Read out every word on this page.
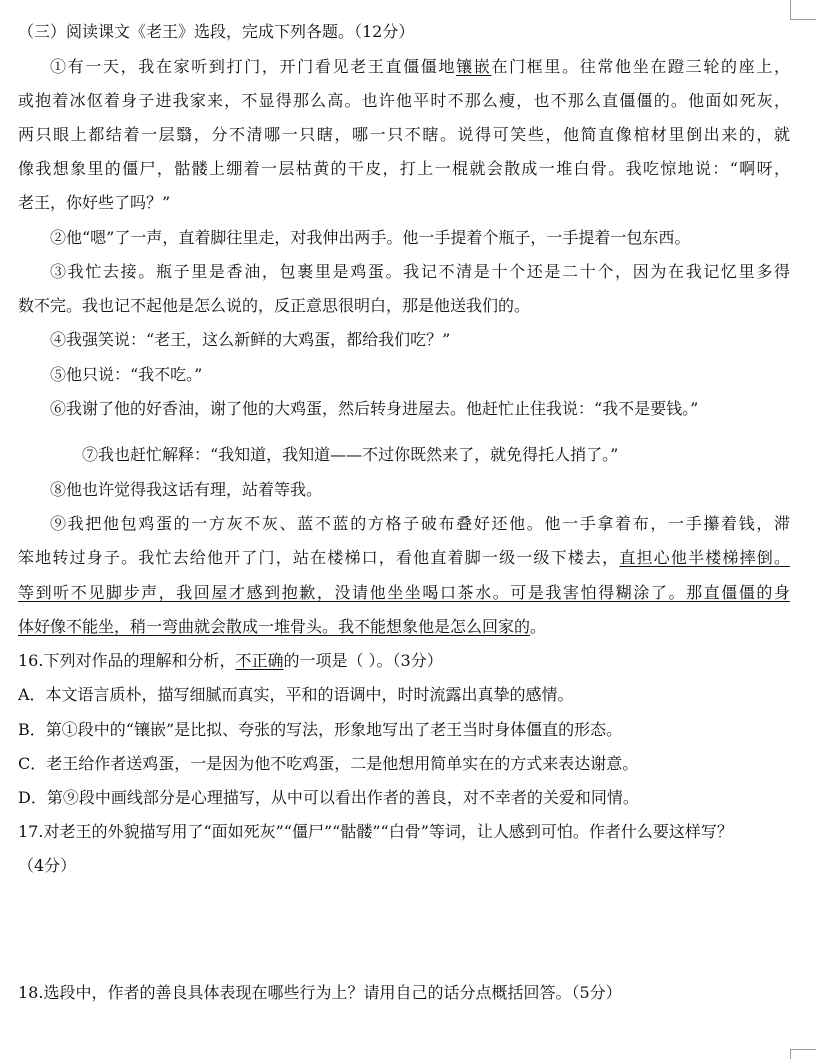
（三）阅读课文《老王》选段，完成下列各题。（12分）
①有一天，我在家听到打门，开门看见老王直僵僵地镶嵌在门框里。往常他坐在蹬三轮的座上，
或抱着冰伛着身子进我家来，不显得那么高。也许他平时不那么瘦，也不那么直僵僵的。他面如死灰，
两只眼上都结着一层翳，分不清哪一只瞎，哪一只不瞎。说得可笑些，他简直像棺材里倒出来的，就
像我想象里的僵尸，骷髅上绷着一层枯黄的干皮，打上一棍就会散成一堆白骨。我吃惊地说：“啊呀，
老王，你好些了吗？”
②他“嗯”了一声，直着脚往里走，对我伸出两手。他一手提着个瓶子，一手提着一包东西。
③我忙去接。瓶子里是香油，包裹里是鸡蛋。我记不清是十个还是二十个，因为在我记忆里多得
数不完。我也记不起他是怎么说的，反正意思很明白，那是他送我们的。
④我强笑说：“老王，这么新鲜的大鸡蛋，都给我们吃？”
⑤他只说：“我不吃。”
⑥我谢了他的好香油，谢了他的大鸡蛋，然后转身进屋去。他赶忙止住我说：“我不是要钱。”
⑦我也赶忙解释：“我知道，我知道——不过你既然来了，就免得托人捎了。”
⑧他也许觉得我这话有理，站着等我。
⑨我把他包鸡蛋的一方灰不灰、蓝不蓝的方格子破布叠好还他。他一手拿着布，一手攥着钱，滞
笨地转过身子。我忙去给他开了门，站在楼梯口，看他直着脚一级一级下楼去，直担心他半楼梯摔倒。
等到听不见脚步声，我回屋才感到抱歉，没请他坐坐喝口茶水。可是我害怕得糊涂了。那直僵僵的身
体好像不能坐，稍一弯曲就会散成一堆骨头。我不能想象他是怎么回家的。
16.下列对作品的理解和分析，不正确的一项是（ ）。（3分）
A．本文语言质朴，描写细腻而真实，平和的语调中，时时流露出真挚的感情。
B．第①段中的“镶嵌”是比拟、夸张的写法，形象地写出了老王当时身体僵直的形态。
C．老王给作者送鸡蛋，一是因为他不吃鸡蛋，二是他想用简单实在的方式来表达谢意。
D．第⑨段中画线部分是心理描写，从中可以看出作者的善良，对不幸者的关爱和同情。
17.对老王的外貌描写用了“面如死灰”“僵尸”“骷髅”“白骨”等词，让人感到可怕。作者什么要这样写？
（4分）
18.选段中，作者的善良具体表现在哪些行为上？请用自己的话分点概括回答。（5分）
